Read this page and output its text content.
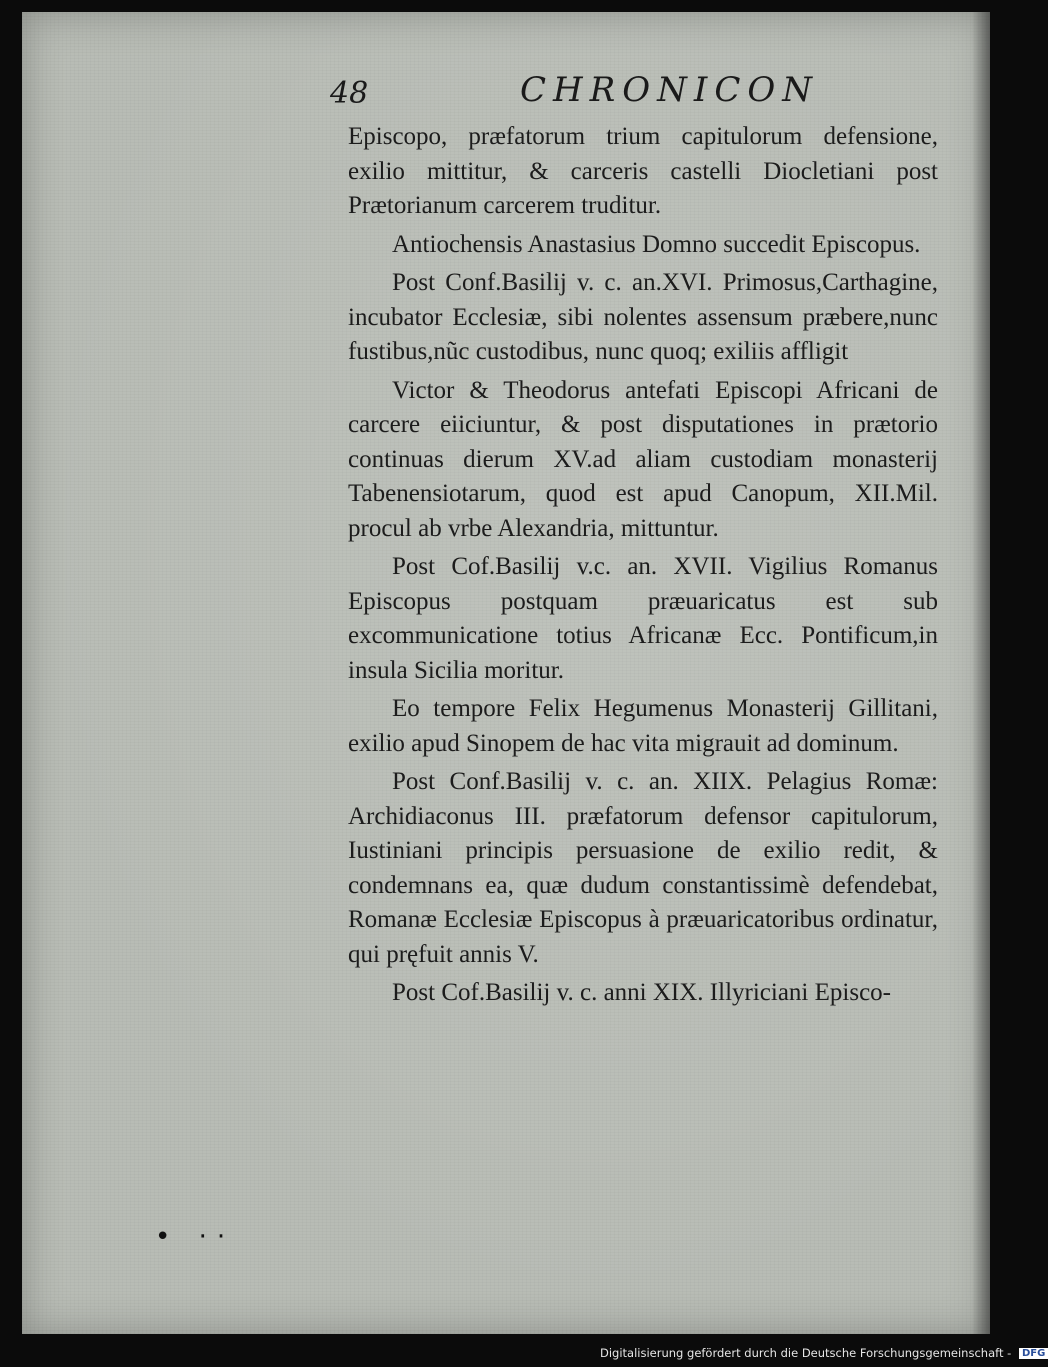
48	CHRONICON

Episcopo, præfatorum trium capitulorum defensione, exilio mittitur, & carceris castelli Diocletiani post Prætorianum carcerem truditur.

Antiochensis Anastasius Domno succedit Episcopus.

Post Conf.Basilij v. c. an.XVI. Primosus,Carthagine, incubator Ecclesiæ, sibi nolentes assensum præbere,nunc fustibus,nũc custodibus, nunc quoq; exiliis affligit

Victor & Theodorus antefati Episcopi Africani de carcere eiiciuntur, & post disputationes in prætorio continuas dierum XV.ad aliam custodiam monasterij Tabenensiotarum, quod est apud Canopum, XII.Mil. procul ab vrbe Alexandria, mittuntur.

Post Cof.Basilij v.c. an. XVII. Vigilius Romanus Episcopus postquam præuaricatus est sub excommunicatione totius Africanæ Ecc. Pontificum,in insula Sicilia moritur.

Eo tempore Felix Hegumenus Monasterij Gillitani, exilio apud Sinopem de hac vita migrauit ad dominum.

Post Conf.Basilij v. c. an. XIIX. Pelagius Romæ: Archidiaconus III. præfatorum defensor capitulorum, Iustiniani principis persuasione de exilio redit, & condemnans ea, quæ dudum constantissimè defendebat, Romanæ Ecclesiæ Episcopus à præuaricatoribus ordinatur, qui pręfuit annis V.

Post Cof.Basilij v. c. anni XIX. Illyriciani Episco-

• ··
Digitalisierung gefördert durch die Deutsche Forschungsgemeinschaft - DFG
